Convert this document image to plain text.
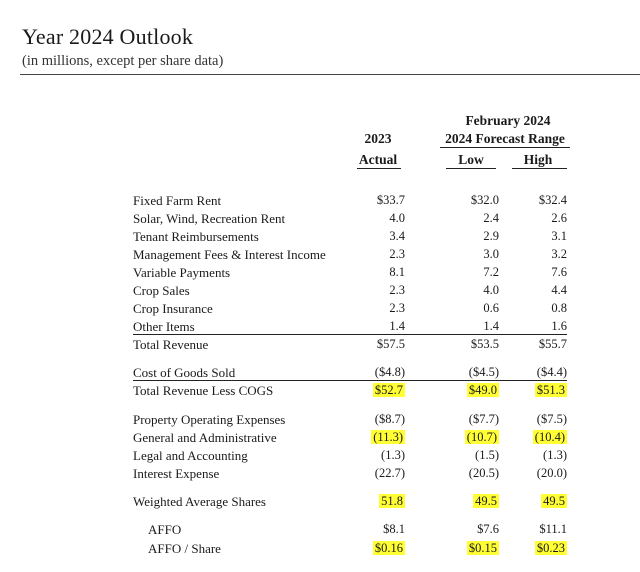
Year 2024 Outlook
(in millions, except per share data)
February 2024
2024 Forecast Range
2023
Actual	Low	High
Fixed Farm Rent	$33.7	$32.0	$32.4
Solar, Wind, Recreation Rent	4.0	2.4	2.6
Tenant Reimbursements	3.4	2.9	3.1
Management Fees & Interest Income	2.3	3.0	3.2
Variable Payments	8.1	7.2	7.6
Crop Sales	2.3	4.0	4.4
Crop Insurance	2.3	0.6	0.8
Other Items	1.4	1.4	1.6
Total Revenue	$57.5	$53.5	$55.7
Cost of Goods Sold	($4.8)	($4.5)	($4.4)
Total Revenue Less COGS	$52.7	$49.0	$51.3
Property Operating Expenses	($8.7)	($7.7)	($7.5)
General and Administrative	(11.3)	(10.7)	(10.4)
Legal and Accounting	(1.3)	(1.5)	(1.3)
Interest Expense	(22.7)	(20.5)	(20.0)
Weighted Average Shares	51.8	49.5	49.5
AFFO	$8.1	$7.6	$11.1
AFFO / Share	$0.16	$0.15	$0.23
